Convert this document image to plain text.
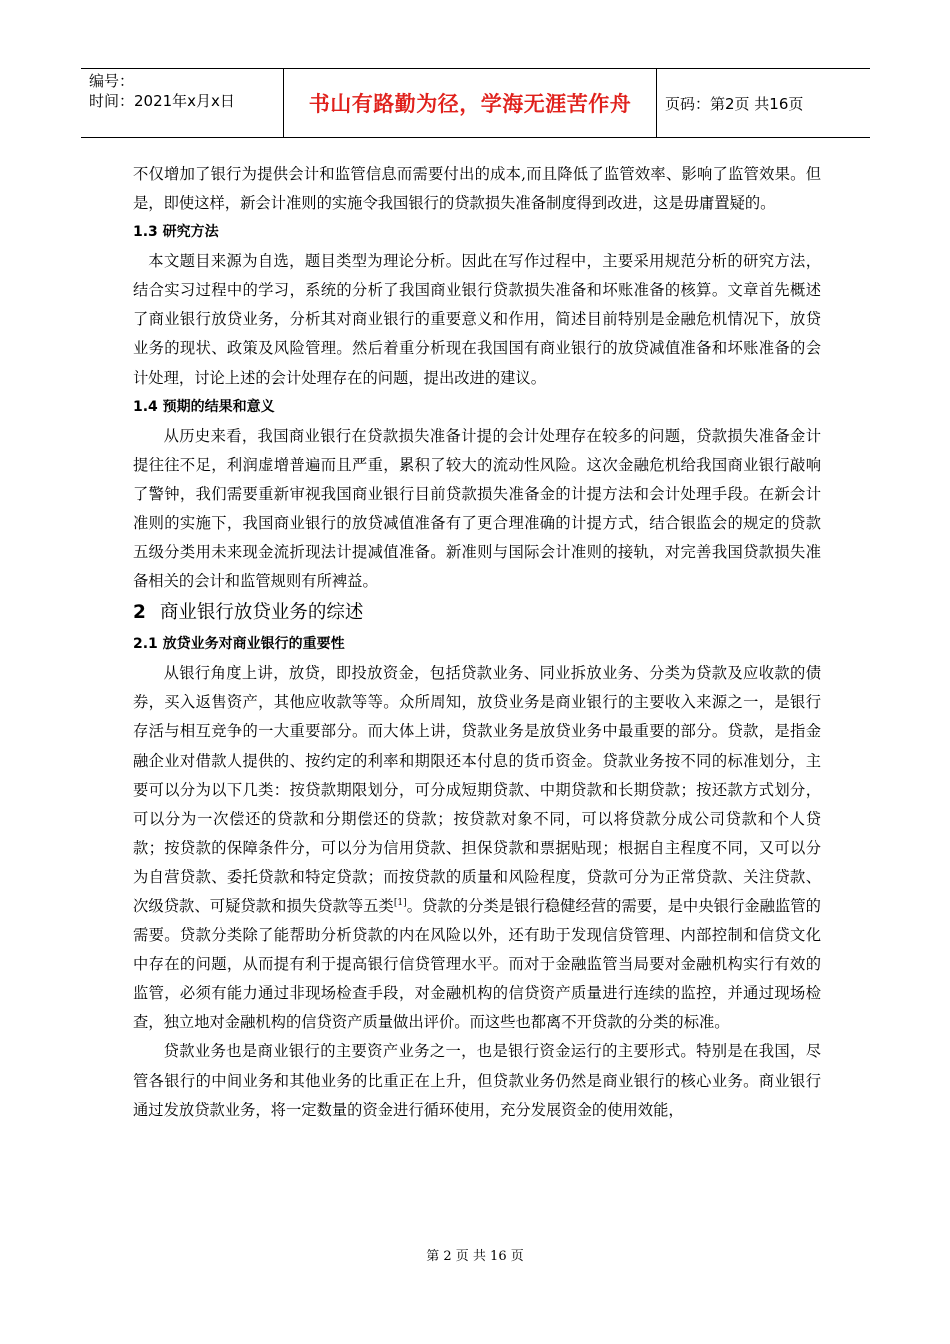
编号：
时间：2021年x月x日	书山有路勤为径，学海无涯苦作舟	页码：第2页 共16页

不仅增加了银行为提供会计和监管信息而需要付出的成本,而且降低了监管效率、影响了监管效果。但是，即使这样，新会计准则的实施令我国银行的贷款损失准备制度得到改进，这是毋庸置疑的。

1.3 研究方法

本文题目来源为自选，题目类型为理论分析。因此在写作过程中，主要采用规范分析的研究方法，结合实习过程中的学习，系统的分析了我国商业银行贷款损失准备和坏账准备的核算。文章首先概述了商业银行放贷业务，分析其对商业银行的重要意义和作用，简述目前特别是金融危机情况下，放贷业务的现状、政策及风险管理。然后着重分析现在我国国有商业银行的放贷减值准备和坏账准备的会计处理，讨论上述的会计处理存在的问题，提出改进的建议。

1.4 预期的结果和意义

从历史来看，我国商业银行在贷款损失准备计提的会计处理存在较多的问题，贷款损失准备金计提往往不足，利润虚增普遍而且严重，累积了较大的流动性风险。这次金融危机给我国商业银行敲响了警钟，我们需要重新审视我国商业银行目前贷款损失准备金的计提方法和会计处理手段。在新会计准则的实施下，我国商业银行的放贷减值准备有了更合理准确的计提方式，结合银监会的规定的贷款五级分类用未来现金流折现法计提减值准备。新准则与国际会计准则的接轨，对完善我国贷款损失准备相关的会计和监管规则有所裨益。

2 商业银行放贷业务的综述

2.1 放贷业务对商业银行的重要性

从银行角度上讲，放贷，即投放资金，包括贷款业务、同业拆放业务、分类为贷款及应收款的债券，买入返售资产，其他应收款等等。众所周知，放贷业务是商业银行的主要收入来源之一，是银行存活与相互竞争的一大重要部分。而大体上讲，贷款业务是放贷业务中最重要的部分。贷款，是指金融企业对借款人提供的、按约定的利率和期限还本付息的货币资金。贷款业务按不同的标准划分，主要可以分为以下几类：按贷款期限划分，可分成短期贷款、中期贷款和长期贷款；按还款方式划分，可以分为一次偿还的贷款和分期偿还的贷款；按贷款对象不同，可以将贷款分成公司贷款和个人贷款；按贷款的保障条件分，可以分为信用贷款、担保贷款和票据贴现；根据自主程度不同，又可以分为自营贷款、委托贷款和特定贷款；而按贷款的质量和风险程度，贷款可分为正常贷款、关注贷款、次级贷款、可疑贷款和损失贷款等五类[1]。贷款的分类是银行稳健经营的需要，是中央银行金融监管的需要。贷款分类除了能帮助分析贷款的内在风险以外，还有助于发现信贷管理、内部控制和信贷文化中存在的问题，从而提有利于提高银行信贷管理水平。而对于金融监管当局要对金融机构实行有效的监管，必须有能力通过非现场检查手段，对金融机构的信贷资产质量进行连续的监控，并通过现场检查，独立地对金融机构的信贷资产质量做出评价。而这些也都离不开贷款的分类的标准。

贷款业务也是商业银行的主要资产业务之一，也是银行资金运行的主要形式。特别是在我国，尽管各银行的中间业务和其他业务的比重正在上升，但贷款业务仍然是商业银行的核心业务。商业银行通过发放贷款业务，将一定数量的资金进行循环使用，充分发展资金的使用效能，

第 2 页 共 16 页
